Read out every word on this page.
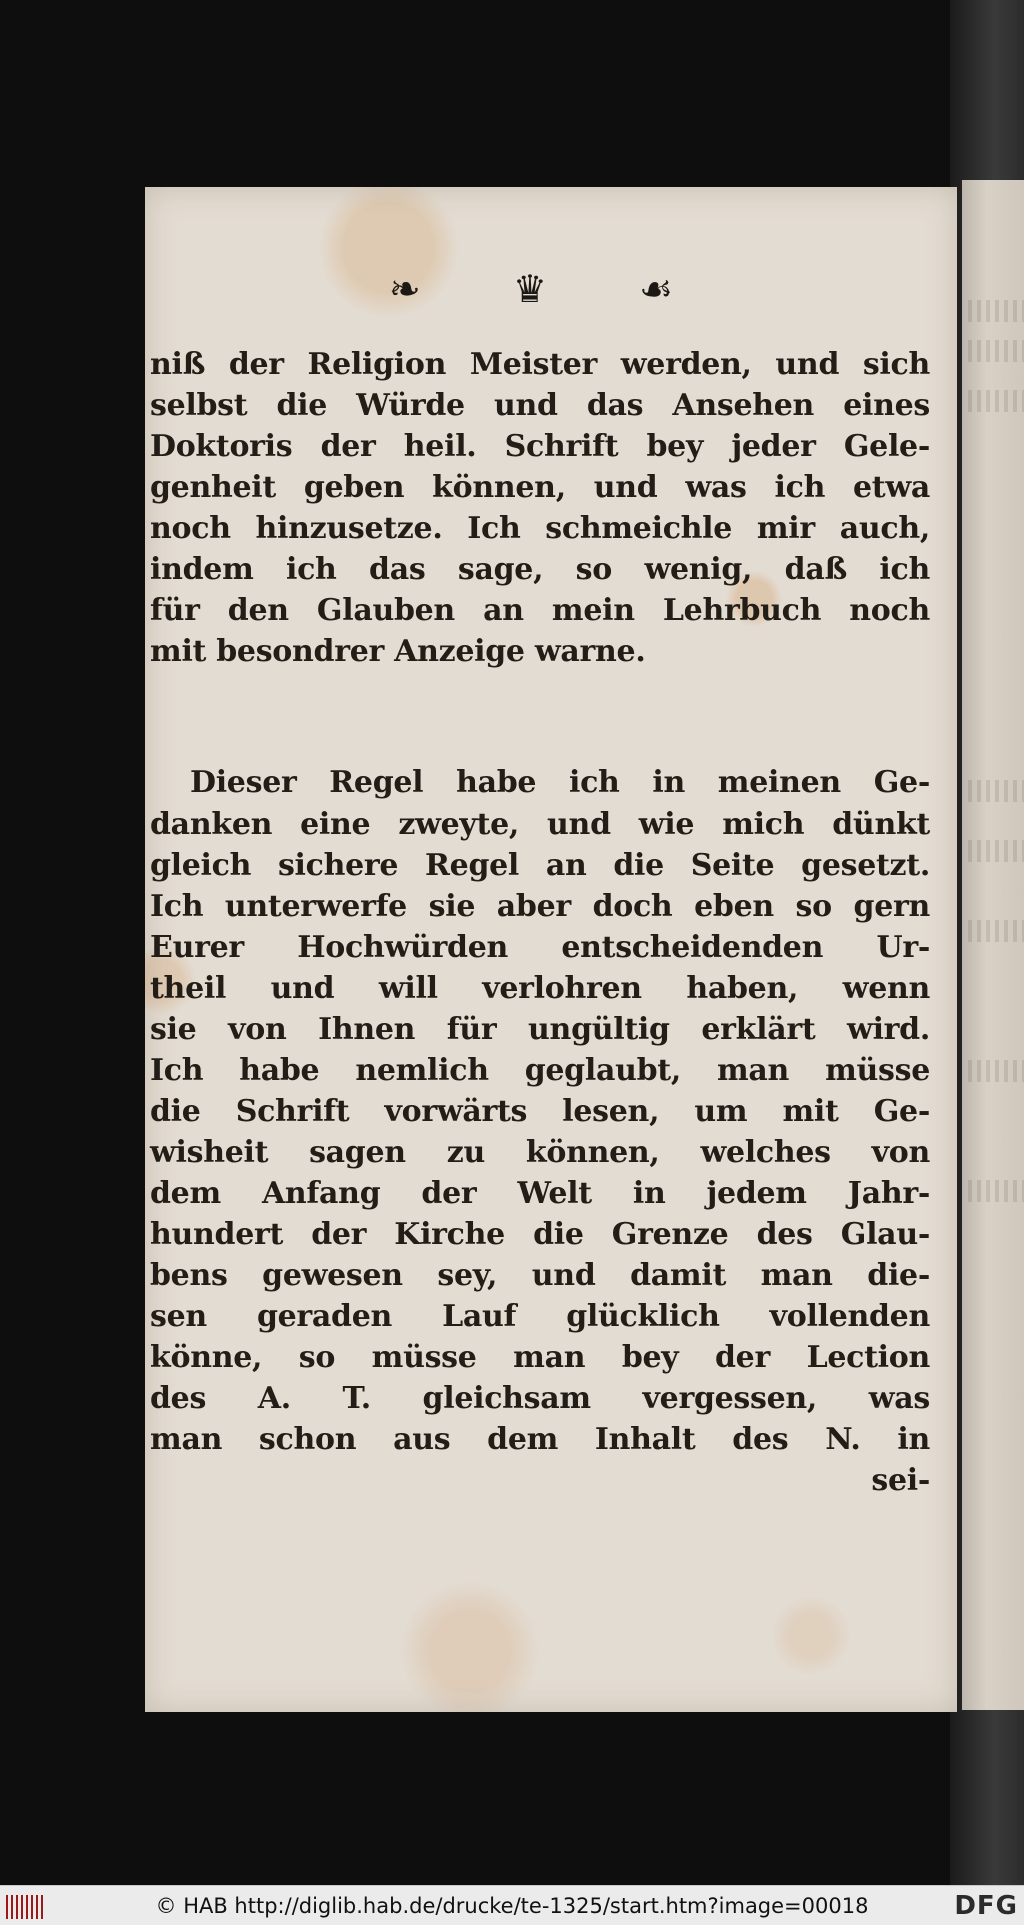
❧ ♛ ☙
niß der Religion Meister werden, und sich
selbst die Würde und das Ansehen eines
Doktoris der heil. Schrift bey jeder Gele-
genheit geben können, und was ich etwa
noch hinzusetze. Ich schmeichle mir auch,
indem ich das sage, so wenig, daß ich
für den Glauben an mein Lehrbuch noch
mit besondrer Anzeige warne.
Dieser Regel habe ich in meinen Ge-
danken eine zweyte, und wie mich dünkt
gleich sichere Regel an die Seite gesetzt.
Ich unterwerfe sie aber doch eben so gern
Eurer Hochwürden entscheidenden Ur-
theil und will verlohren haben, wenn
sie von Ihnen für ungültig erklärt wird.
Ich habe nemlich geglaubt, man müsse
die Schrift vorwärts lesen, um mit Ge-
wisheit sagen zu können, welches von
dem Anfang der Welt in jedem Jahr-
hundert der Kirche die Grenze des Glau-
bens gewesen sey, und damit man die-
sen geraden Lauf glücklich vollenden
könne, so müsse man bey der Lection
des A. T. gleichsam vergessen, was
man schon aus dem Inhalt des N. in
sei-
© HAB http://diglib.hab.de/drucke/te-1325/start.htm?image=00018	DFG
